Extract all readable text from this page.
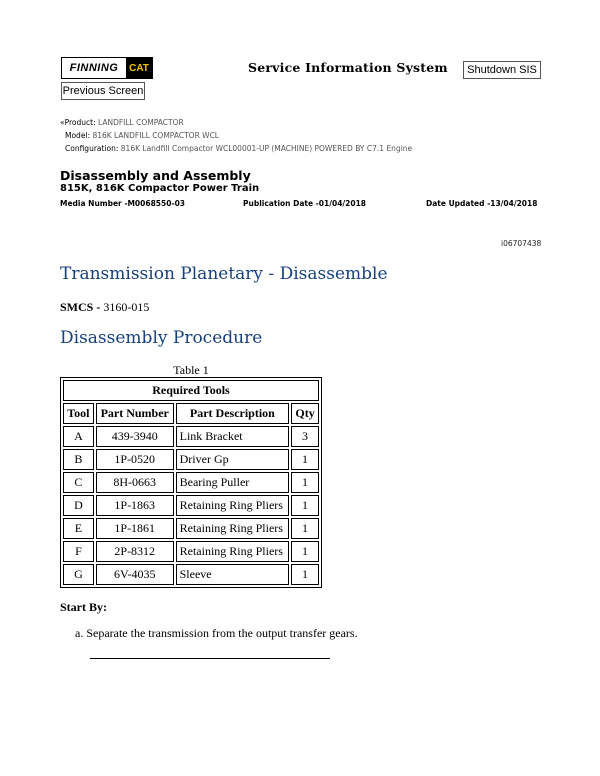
FINNING	CAT	Service Information System	Shutdown SIS
Previous Screen
«Product: LANDFILL COMPACTOR
Model: 816K LANDFILL COMPACTOR WCL
Configuration: 816K Landfill Compactor WCL00001-UP (MACHINE) POWERED BY C7.1 Engine
Disassembly and Assembly
815K, 816K Compactor Power Train
Media Number -M0068550-03	Publication Date -01/04/2018	Date Updated -13/04/2018
i06707438
Transmission Planetary - Disassemble
SMCS - 3160-015
Disassembly Procedure
Table 1
Required Tools			
Tool	Part Number	Part Description	Qty
A	439-3940	Link Bracket	3
B	1P-0520	Driver Gp	1
C	8H-0663	Bearing Puller	1
D	1P-1863	Retaining Ring Pliers	1
E	1P-1861	Retaining Ring Pliers	1
F	2P-8312	Retaining Ring Pliers	1
G	6V-4035	Sleeve	1
Start By:
a. Separate the transmission from the output transfer gears.
